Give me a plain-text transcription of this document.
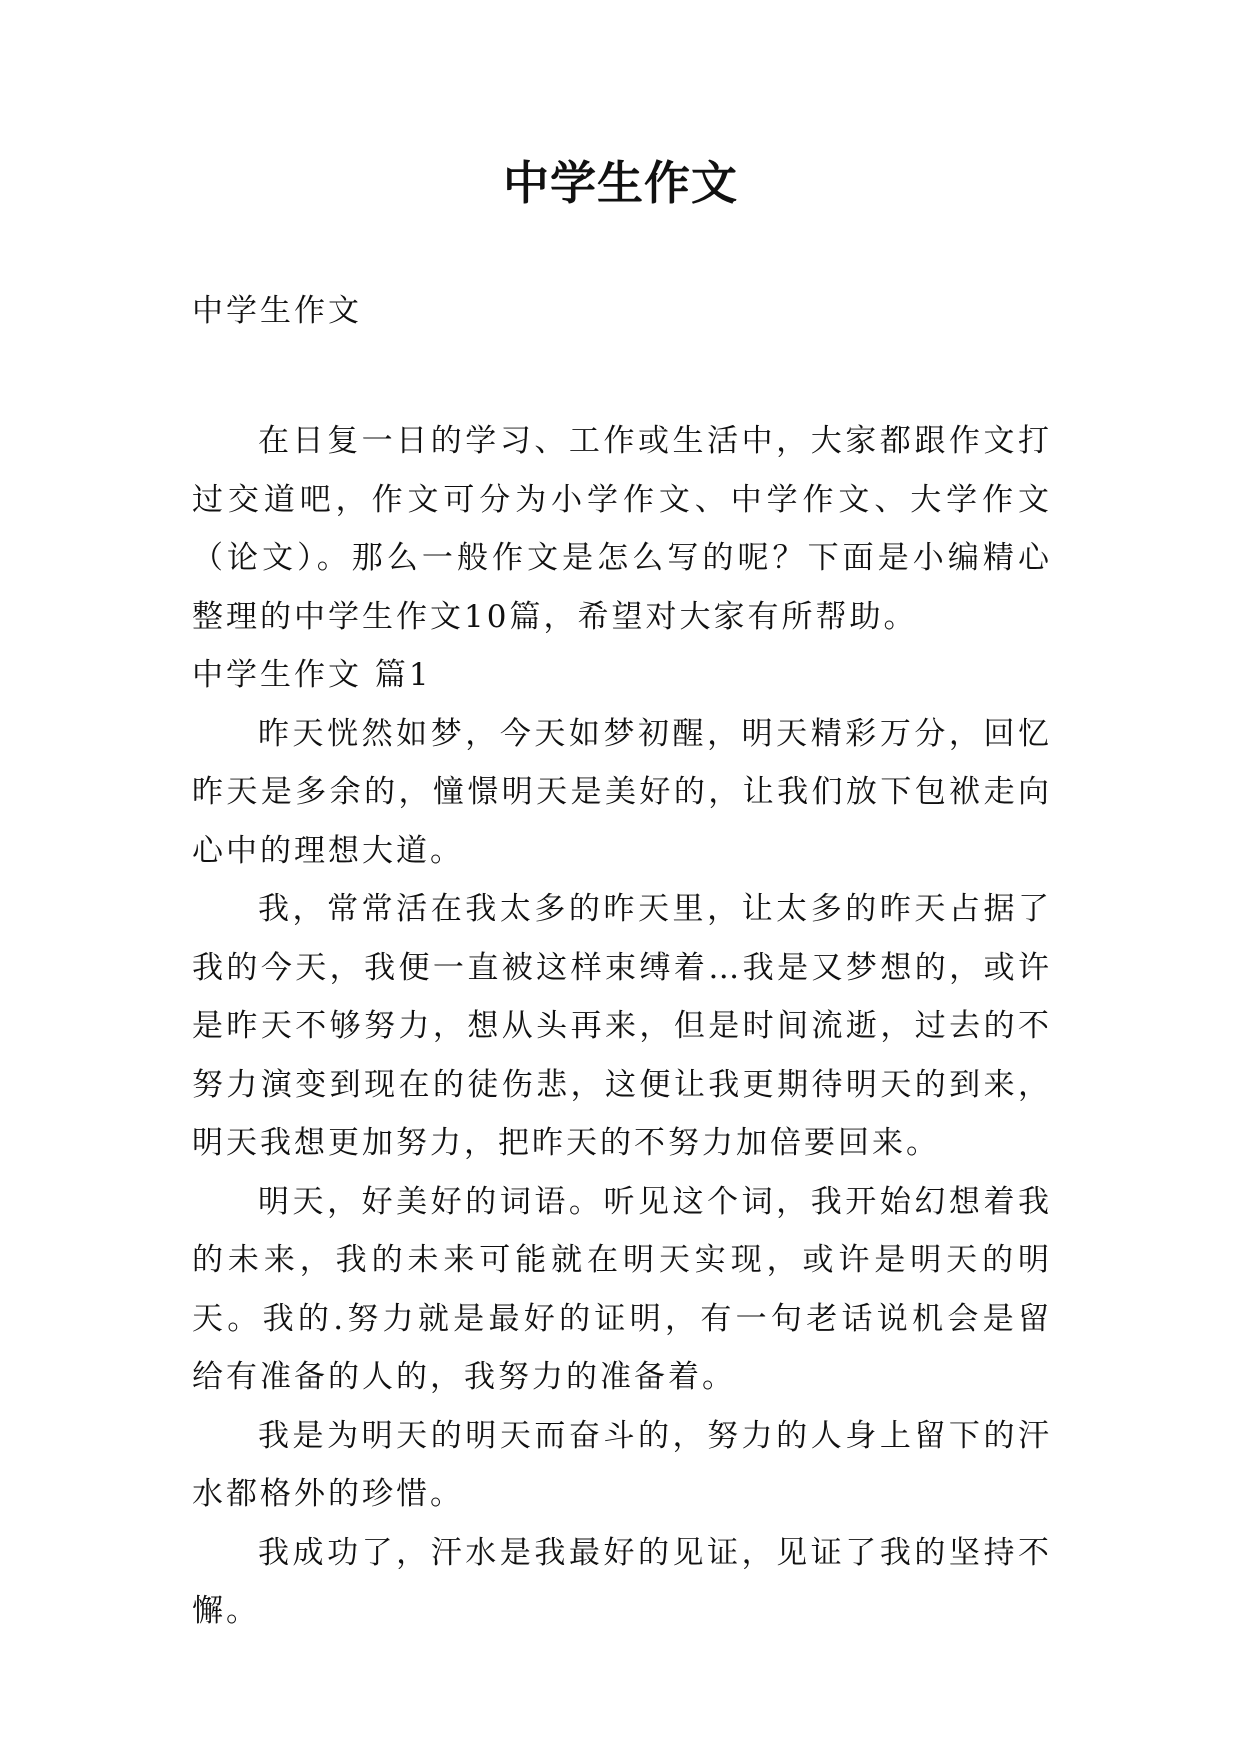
中学生作文

中学生作文

在日复一日的学习、工作或生活中，大家都跟作文打过交道吧，作文可分为小学作文、中学作文、大学作文（论文）。那么一般作文是怎么写的呢？下面是小编精心整理的中学生作文10篇，希望对大家有所帮助。

中学生作文 篇1

昨天恍然如梦，今天如梦初醒，明天精彩万分，回忆昨天是多余的，憧憬明天是美好的，让我们放下包袱走向心中的理想大道。

我，常常活在我太多的昨天里，让太多的昨天占据了我的今天，我便一直被这样束缚着…我是又梦想的，或许是昨天不够努力，想从头再来，但是时间流逝，过去的不努力演变到现在的徒伤悲，这便让我更期待明天的到来，明天我想更加努力，把昨天的不努力加倍要回来。

明天，好美好的词语。听见这个词，我开始幻想着我的未来，我的未来可能就在明天实现，或许是明天的明天。我的.努力就是最好的证明，有一句老话说机会是留给有准备的人的，我努力的准备着。

我是为明天的明天而奋斗的，努力的人身上留下的汗水都格外的珍惜。

我成功了，汗水是我最好的见证，见证了我的坚持不懈。
